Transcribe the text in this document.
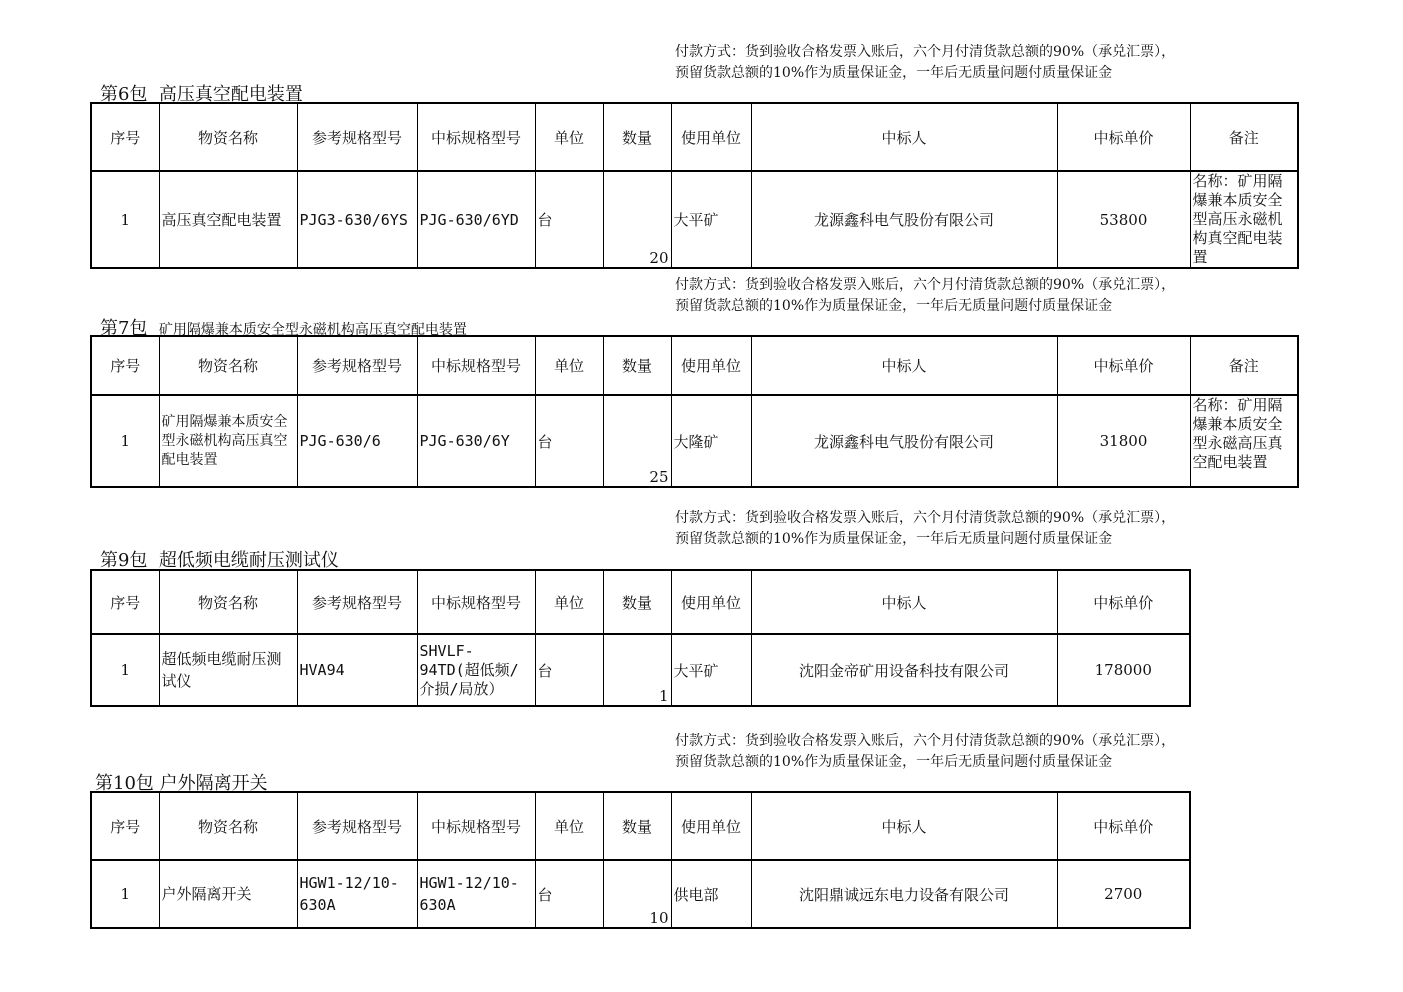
付款方式：货到验收合格发票入账后，六个月付清货款总额的90%（承兑汇票），预留货款总额的10%作为质量保证金，一年后无质量问题付质量保证金
第6包 高压真空配电装置
序号	物资名称	参考规格型号	中标规格型号	单位	数量	使用单位	中标人	中标单价	备注
1	高压真空配电装置	PJG3-630/6YS	PJG-630/6YD	台	20	大平矿	龙源鑫科电气股份有限公司	53800	名称：矿用隔爆兼本质安全型高压永磁机构真空配电装置
付款方式：货到验收合格发票入账后，六个月付清货款总额的90%（承兑汇票），预留货款总额的10%作为质量保证金，一年后无质量问题付质量保证金
第7包 矿用隔爆兼本质安全型永磁机构高压真空配电装置
序号	物资名称	参考规格型号	中标规格型号	单位	数量	使用单位	中标人	中标单价	备注
1	矿用隔爆兼本质安全型永磁机构高压真空配电装置	PJG-630/6	PJG-630/6Y	台	25	大隆矿	龙源鑫科电气股份有限公司	31800	名称：矿用隔爆兼本质安全型永磁高压真空配电装置
付款方式：货到验收合格发票入账后，六个月付清货款总额的90%（承兑汇票），预留货款总额的10%作为质量保证金，一年后无质量问题付质量保证金
第9包 超低频电缆耐压测试仪
序号	物资名称	参考规格型号	中标规格型号	单位	数量	使用单位	中标人	中标单价
1	超低频电缆耐压测试仪	HVA94	SHVLF-94TD(超低频/介损/局放）	台	1	大平矿	沈阳金帝矿用设备科技有限公司	178000
付款方式：货到验收合格发票入账后，六个月付清货款总额的90%（承兑汇票），预留货款总额的10%作为质量保证金，一年后无质量问题付质量保证金
第10包 户外隔离开关
序号	物资名称	参考规格型号	中标规格型号	单位	数量	使用单位	中标人	中标单价
1	户外隔离开关	HGW1-12/10-630A	HGW1-12/10-630A	台	10	供电部	沈阳鼎诚远东电力设备有限公司	2700
